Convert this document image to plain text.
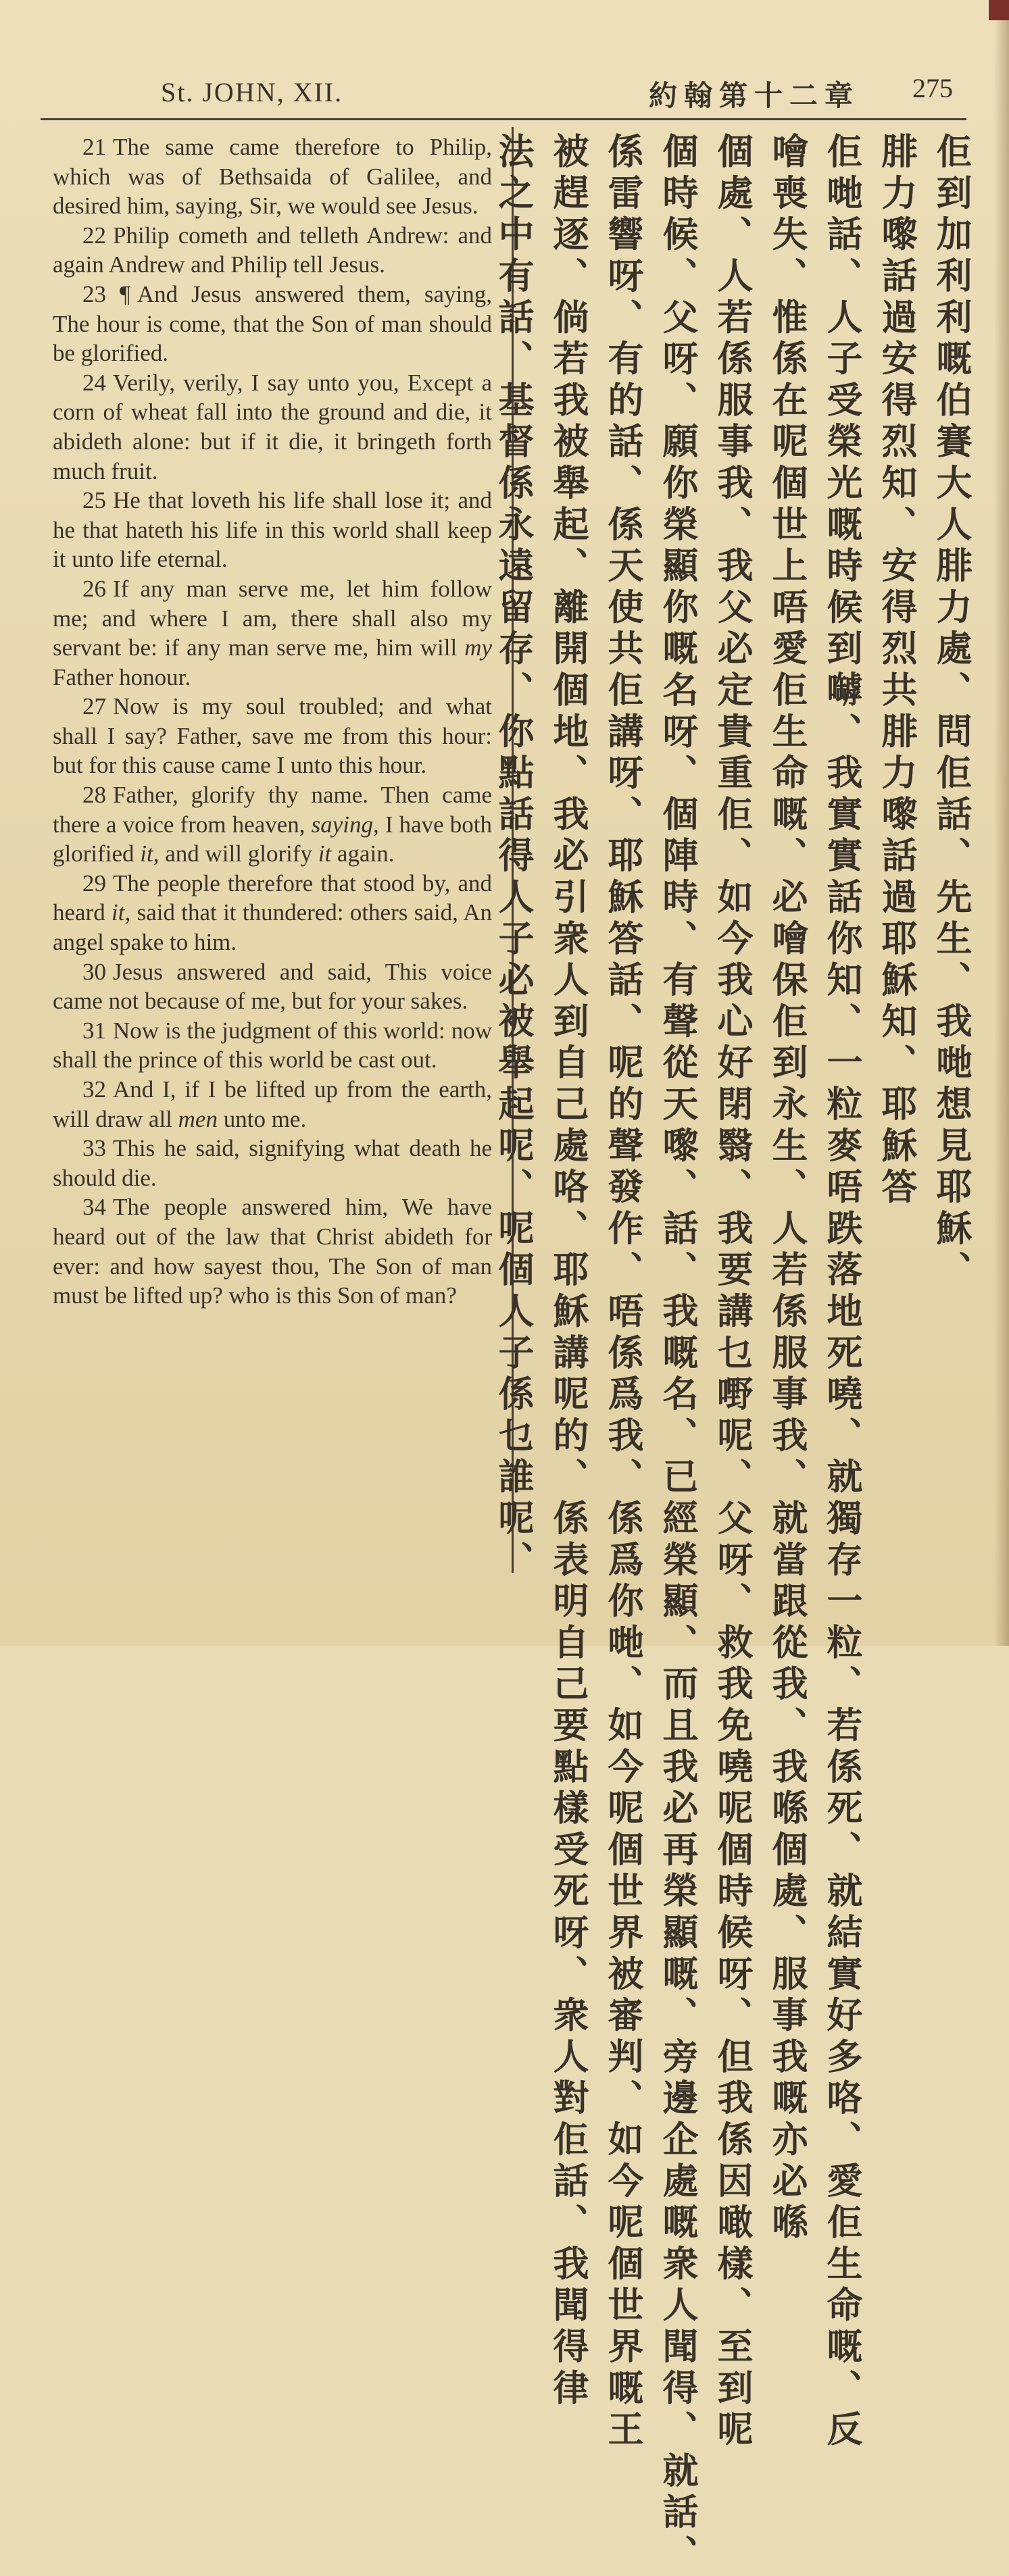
St. JOHN, XII.	約翰第十二章 275

21 The same came therefore to Philip, which was of Bethsaida of Galilee, and desired him, saying, Sir, we would see Jesus.

22 Philip cometh and telleth Andrew: and again Andrew and Philip tell Jesus.

23 ¶ And Jesus answered them, saying, The hour is come, that the Son of man should be glorified.

24 Verily, verily, I say unto you, Except a corn of wheat fall into the ground and die, it abideth alone: but if it die, it bringeth forth much fruit.

25 He that loveth his life shall lose it; and he that hateth his life in this world shall keep it unto life eternal.

26 If any man serve me, let him follow me; and where I am, there shall also my servant be: if any man serve me, him will my Father honour.

27 Now is my soul troubled; and what shall I say? Father, save me from this hour: but for this cause came I unto this hour.

28 Father, glorify thy name. Then came there a voice from heaven, saying, I have both glorified it, and will glorify it again.

29 The people therefore that stood by, and heard it, said that it thundered: others said, An angel spake to him.

30 Jesus answered and said, This voice came not because of me, but for your sakes.

31 Now is the judgment of this world: now shall the prince of this world be cast out.

32 And I, if I be lifted up from the earth, will draw all men unto me.

33 This he said, signifying what death he should die.

34 The people answered him, We have heard out of the law that Christ abideth for ever: and how sayest thou, The Son of man must be lifted up? who is this Son of man?

佢到加利利嘅伯賽大人腓力處、問佢話、先生、我哋想見耶穌、
腓力嚟話過安得烈知、安得烈共腓力嚟話過耶穌知、耶穌答
佢哋話、人子受榮光嘅時候到嚹、我實實話你知、一粒麥唔跌落地死嘵、就獨存一粒、若係死、就結實好多咯、愛佢生命嘅、反
噲喪失、惟係在呢個世上唔愛佢生命嘅、必噲保佢到永生、人若係服事我、就當跟從我、我喺個處、服事我嘅亦必喺
個處、人若係服事我、我父必定貴重佢、如今我心好閉翳、我要講乜嘢呢、父呀、救我免嘵呢個時候呀、但我係因噉樣、至到呢
個時候、父呀、願你榮顯你嘅名呀、個陣時、有聲從天嚟、話、我嘅名、已經榮顯、而且我必再榮顯嘅、旁邊企處嘅衆人聞得、就話、
係雷響呀、有的話、係天使共佢講呀、耶穌答話、呢的聲發作、唔係爲我、係爲你哋、如今呢個世界被審判、如今呢個世界嘅王
被趕逐、倘若我被舉起、離開個地、我必引衆人到自己處咯、耶穌講呢的、係表明自己要點樣受死呀、衆人對佢話、我聞得律
法之中有話、基督係永遠留存、你點話得人子必被舉起呢、呢個人子係乜誰呢、
